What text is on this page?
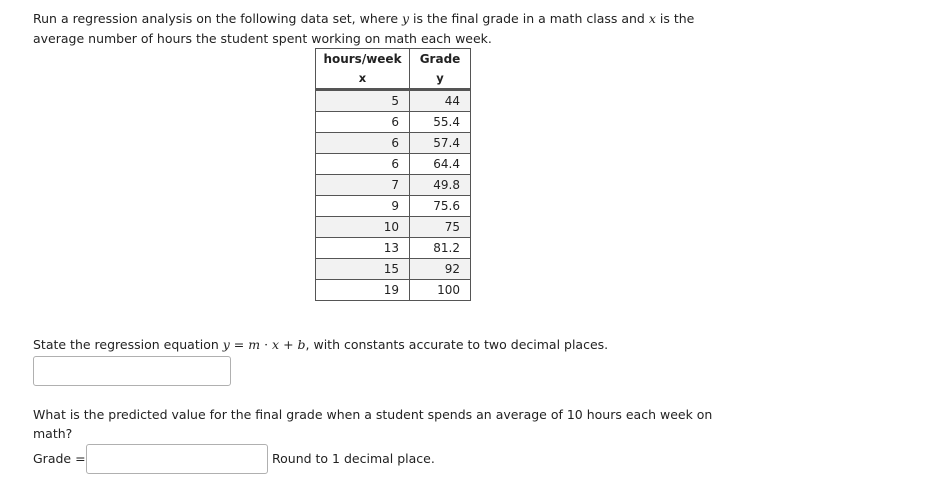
Run a regression analysis on the following data set, where y is the final grade in a math class and x is the average number of hours the student spent working on math each week.
hours/week	Grade
x	y
5	44
6	55.4
6	57.4
6	64.4
7	49.8
9	75.6
10	75
13	81.2
15	92
19	100
State the regression equation y = m · x + b, with constants accurate to two decimal places.
What is the predicted value for the final grade when a student spends an average of 10 hours each week on math?
Grade =	Round to 1 decimal place.
